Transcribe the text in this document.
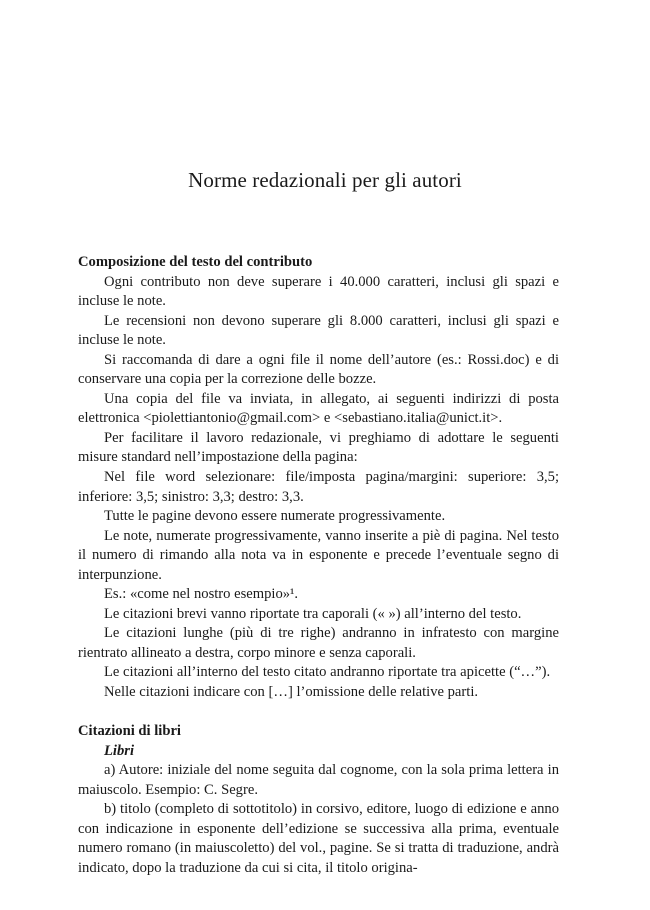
Norme redazionali per gli autori

Composizione del testo del contributo

Ogni contributo non deve superare i 40.000 caratteri, inclusi gli spazi e incluse le note.

Le recensioni non devono superare gli 8.000 caratteri, inclusi gli spazi e incluse le note.

Si raccomanda di dare a ogni file il nome dell’autore (es.: Rossi.doc) e di conservare una copia per la correzione delle bozze.

Una copia del file va inviata, in allegato, ai seguenti indirizzi di posta elettronica <piolettiantonio@gmail.com> e <sebastiano.italia@unict.it>.

Per facilitare il lavoro redazionale, vi preghiamo di adottare le seguenti misure standard nell’impostazione della pagina:

Nel file word selezionare: file/imposta pagina/margini: superiore: 3,5; inferiore: 3,5; sinistro: 3,3; destro: 3,3.

Tutte le pagine devono essere numerate progressivamente.

Le note, numerate progressivamente, vanno inserite a piè di pagina. Nel testo il numero di rimando alla nota va in esponente e precede l’eventuale segno di interpunzione.

Es.: «come nel nostro esempio»¹.

Le citazioni brevi vanno riportate tra caporali (« ») all’interno del testo.

Le citazioni lunghe (più di tre righe) andranno in infratesto con margine rientrato allineato a destra, corpo minore e senza caporali.

Le citazioni all’interno del testo citato andranno riportate tra apicette (“…”).

Nelle citazioni indicare con […] l’omissione delle relative parti.

Citazioni di libri

Libri

a) Autore: iniziale del nome seguita dal cognome, con la sola prima lettera in maiuscolo. Esempio: C. Segre.

b) titolo (completo di sottotitolo) in corsivo, editore, luogo di edizione e anno con indicazione in esponente dell’edizione se successiva alla prima, eventuale numero romano (in maiuscoletto) del vol., pagine. Se si tratta di traduzione, andrà indicato, dopo la traduzione da cui si cita, il titolo origina-
